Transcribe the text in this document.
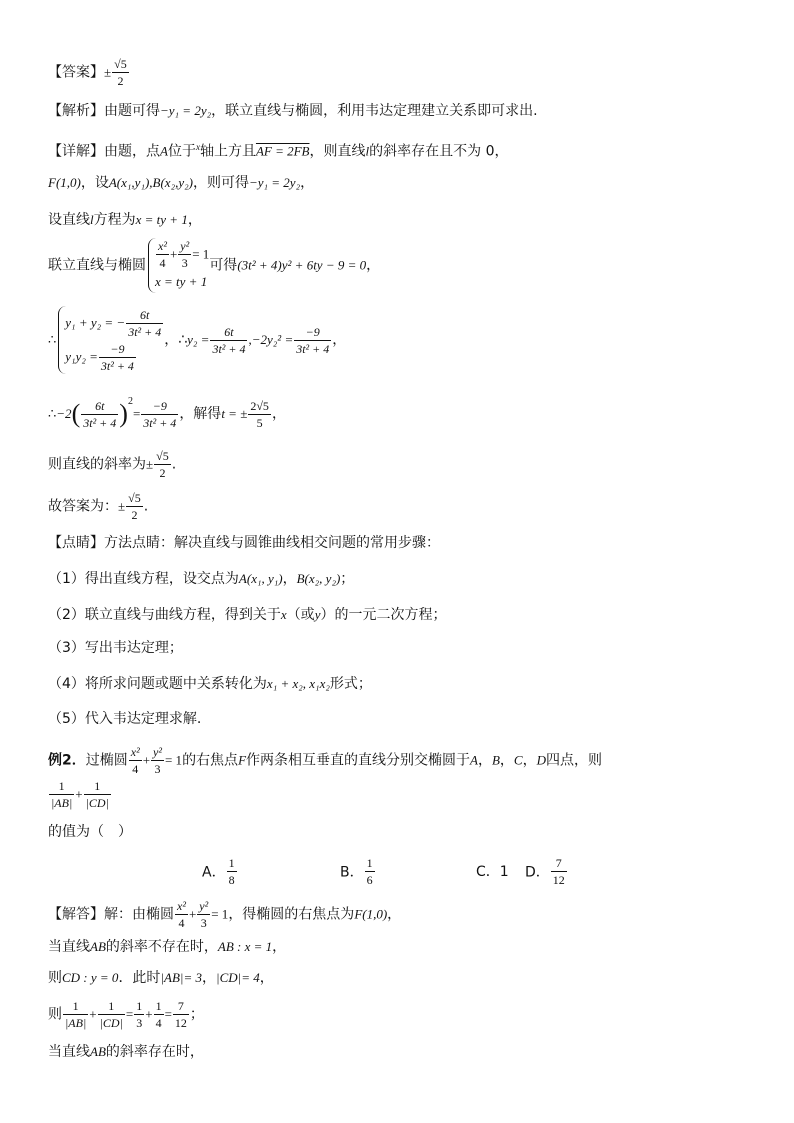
【答案】± $\frac{√5}{2}$
【解析】由题可得−y₁ = 2y₂，联立直线与椭圆，利用韦达定理建立关系即可求出.
【详解】由题，点A位于$^x$轴上方且AF = 2FB，则直线l的斜率存在且不为 0，
F(1,0)，设A(x₁,y₁),B(x₂,y₂)，则可得−y₁ = 2y₂，
设直线l方程为x = ty + 1，
联立直线与椭圆 $\frac{\text{x²}}{4} + \frac{\text{y²}}{3} = 1$
x = ty + 1
可得(3t² + 4)y² + 6ty − 9 = 0，
∴
y₁ + y₂ = − $\frac{6t}{\text{3t² + 4}}$
$y_1y_2 = \frac{-9}{\text{3t² + 4}}$
，∴y₂ = $\frac{6t}{\text{3t² + 4}} ,-2y_2^2 = \frac{-9}{\text{3t² + 4}}$ ，
∴−2( $\frac{6t}{\text{3t² + 4}} )^2= \frac{-9}{\text{3t² + 4}}$ ，解得t = ± $\frac{2√5}{5}$ ，
则直线的斜率为± $\frac{√5}{2}$ .
故答案为：± $\frac{√5}{2}$ .
【点睛】方法点睛：解决直线与圆锥曲线相交问题的常用步骤：
（1）得出直线方程，设交点为A(x₁, y₁)，B(x₂, y₂)；
（2）联立直线与曲线方程，得到关于x（或y）的一元二次方程；
（3）写出韦达定理；
（4）将所求问题或题中关系转化为x₁ + x₂, x₁x₂形式；
（5）代入韦达定理求解.
例2．过椭圆 $\frac{\text{x²}}{4} + \frac{\text{y²}}{3} = 1$的右焦点F作两条相互垂直的直线分别交椭圆于A，B，C，D四点，则
$\frac{1}{|AB|} + \frac{1}{|CD|}$
的值为（　）
A． $\frac{1}{8}$	B． $\frac{1}{6}$	C．1 D． $\frac{7}{12}$
【解答】解：由椭圆 $\frac{\text{x²}}{4} + \frac{\text{y²}}{3} = 1$，得椭圆的右焦点为F(1,0)，
当直线AB的斜率不存在时，AB : x = 1，
则CD : y = 0．此时|AB|= 3，|CD|= 4，
则 $\frac{1}{|AB|} + \frac{1}{|CD|} = \frac{1}{3} + \frac{1}{4} = \frac{7}{12}$ ；
当直线AB的斜率存在时，
